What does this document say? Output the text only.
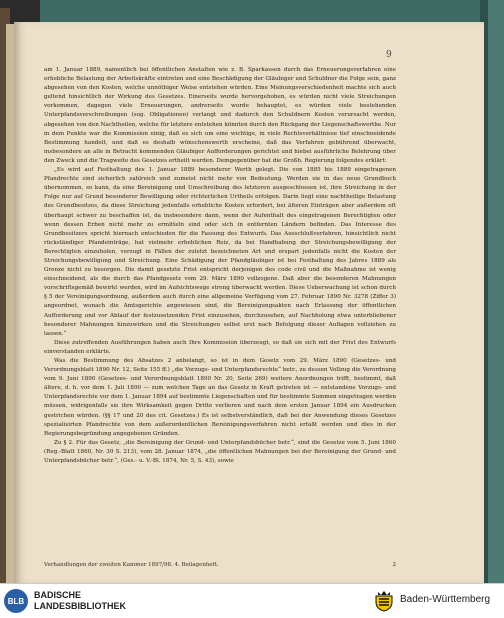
9

am 1. Januar 1889, namentlich bei öffentlichen Anstalten wie z. B. Sparkassen durch das Erneuerungsverfahren eine erhebliche Belastung der Arbeitskräfte eintreten und eine Beschädigung der Gläubiger und Schuldner die Folge sein, ganz abgesehen von den Kosten, welche unnöthiger Weise entstehen würden. Eine Meinungsverschiedenheit machte sich auch geltend hinsichtlich der Wirkung des Gesetzes. Einerseits wurde hervorgehoben, es würden nicht viele Streichungen vorkommen, dagegen viele Erneuerungen, andrerseits wurde behauptet, es würden viele bestehenden Unterpfandsverschreibungen (sog. Obligationen) verlangt und dadurch den Schuldnern Kosten verursacht werden, abgesehen von den Nachtheilen, welche für letztere entstehen könnten durch den Rückgang der Liegenschaftswerthe. Nur in dem Punkte war die Kommission einig, daß es sich um eine wichtige, in viele Rechtsverhältnisse tief einschneidende Bestimmung handelt, und daß es deshalb wünschenswerth erscheine, daß das Verfahren gebührend überwacht, insbesondere an alle in Betracht kommenden Gläubiger Aufforderungen gerichtet und hiebei ausführliche Belehrung über den Zweck und die Tragweite des Gesetzes ertheilt werden. Demgegenüber hat die Großh. Regierung folgendes erklärt:

„Es wird auf Festhaltung des 1. Januar 1889 besonderer Werth gelegt. Die von 1885 bis 1889 eingetragenen Pfandrechte sind sicherlich zahlreich und zumeist nicht mehr von Bedeutung. Werden sie in das neue Grundbuch übernommen, so kann, da eine Bereinigung und Umschreibung des letzteren ausgeschlossen ist, ihre Streichung in der Folge nur auf Grund besonderer Bewilligung oder richterlichen Urtheils erfolgen. Darin liegt eine nachtheilige Belastung des Grundbesitzes, da diese Streichung jedenfalls erhebliche Kosten erfordert, bei älteren Einträgen aber außerdem oft überhaupt schwer zu beschaffen ist, da insbesondere dann, wenn der Aufenthalt des eingetragenen Berechtigten oder wenn dessen Erben nicht mehr zu ermitteln sind oder sich in entfernten Ländern befinden. Das Interesse des Grundbesitzers spricht hiernach entschieden für die Fassung des Entwurfs. Das Ausschlußverfahren, hinsichtlich nicht rückständiger Pfandeinträge, hat vielmehr erheblichen Reiz, da bei Handhabung der Streichungsbewilligung der Berechtigten einzuholen, verzugt in Fällen der zuletzt bezeichneten Art und erspart jedenfalls nicht die Kosten der Streichungsbewilligung und Streichung. Eine Schädigung der Pfandgläubiger ist bei Festhaltung des Jahres 1889 als Grenze nicht zu besorgen. Die damit gesetzte Frist entspricht derjenigen des code civil und die Maßnahme ist wenig einschneidend, als die durch das Pfandgesetz vom 29. März 1890 vollzogene. Daß aber die besonderen Mahnungen vorschriftsgemäß bewirkt werden, wird im Aufsichtswege streng überwacht werden. Diese Ueberwachung ist schon durch § 5 der Vereinigungsordnung, außerdem auch durch eine allgemeine Verfügung vom 27. Februar 1890 Nr. 3278 (Ziffer 3) angeordnet, wonach die Amtsgerichte angewiesen sind, die Bereinigungsakten nach Erlassung der öffentlichen Aufforderung und vor Ablauf der festzusetzenden Frist einzusehen, durchzusehen, auf Nachholung etwa unterbliebener besonderer Mahnungen hinzuwirken und die Streichungen selbst erst nach Befolgung dieser Auflagen vollziehen zu lassen.“

Diese zutreffenden Ausführungen haben auch Ihre Kommission überzeugt, so daß sie sich mit der Frist des Entwurfs einverstanden erklärte.

Was die Bestimmung des Absatzes 2 anbelangt, so ist in dem Gesetz vom 29. März 1890 (Gesetzes- und Verordnungsblatt 1890 Nr. 12, Seite 155 ff.) „die Vorzugs- und Unterpfandsrechte“ betr., zu dessen Vollzug die Verordnung vom 9. Juni 1890 (Gesetzes- und Verordnungsblatt 1890 Nr. 20, Seite 269) weitere Anordnungen trifft, bestimmt, daß ältere, d. h. vor dem 1. Juli 1890 — zum welchen Tage an das Gesetz in Kraft getreten ist — entstandene Vorzugs- und Unterpfandsrechte vor dem 1. Januar 1894 auf bestimmte Liegenschaften und für bestimmte Summen eingetragen werden müssen, widrigenfalls sie ihre Wirksamkeit gegen Dritte verlieren und nach dem ersten Januar 1894 ein Ausdrucken gestrichen würden. (§§ 17 und 20 des cit. Gesetzes.) Es ist selbstverständlich, daß bei der Anwendung dieses Gesetzes spezialisirten Pfandrechte von dem außerordentlichen Bereinigungsverfahren nicht erfaßt werden und dies in der Regierungsbegründung angegebenen Gründen.

Zu § 2. Für das Gesetz, „die Bereinigung der Grund- und Unterpfandsbücher betr.“, sind die Gesetze vom 5. Juni 1860 (Reg.-Blatt 1860, Nr. 30 S. 213), vom 28. Januar 1874, „die öffentlichen Mahnungen bei der Bereinigung der Grund- und Unterpfandsbücher betr.“, (Ges.- u. V.-Bl. 1874, Nr. 5, S. 43), sowie

Verhandlungen der zweiten Kammer 1897/98. 4. Beilagenheft.	2
BLB
BADISCHE
LANDESBIBLIOTHEK
Baden-Württemberg
